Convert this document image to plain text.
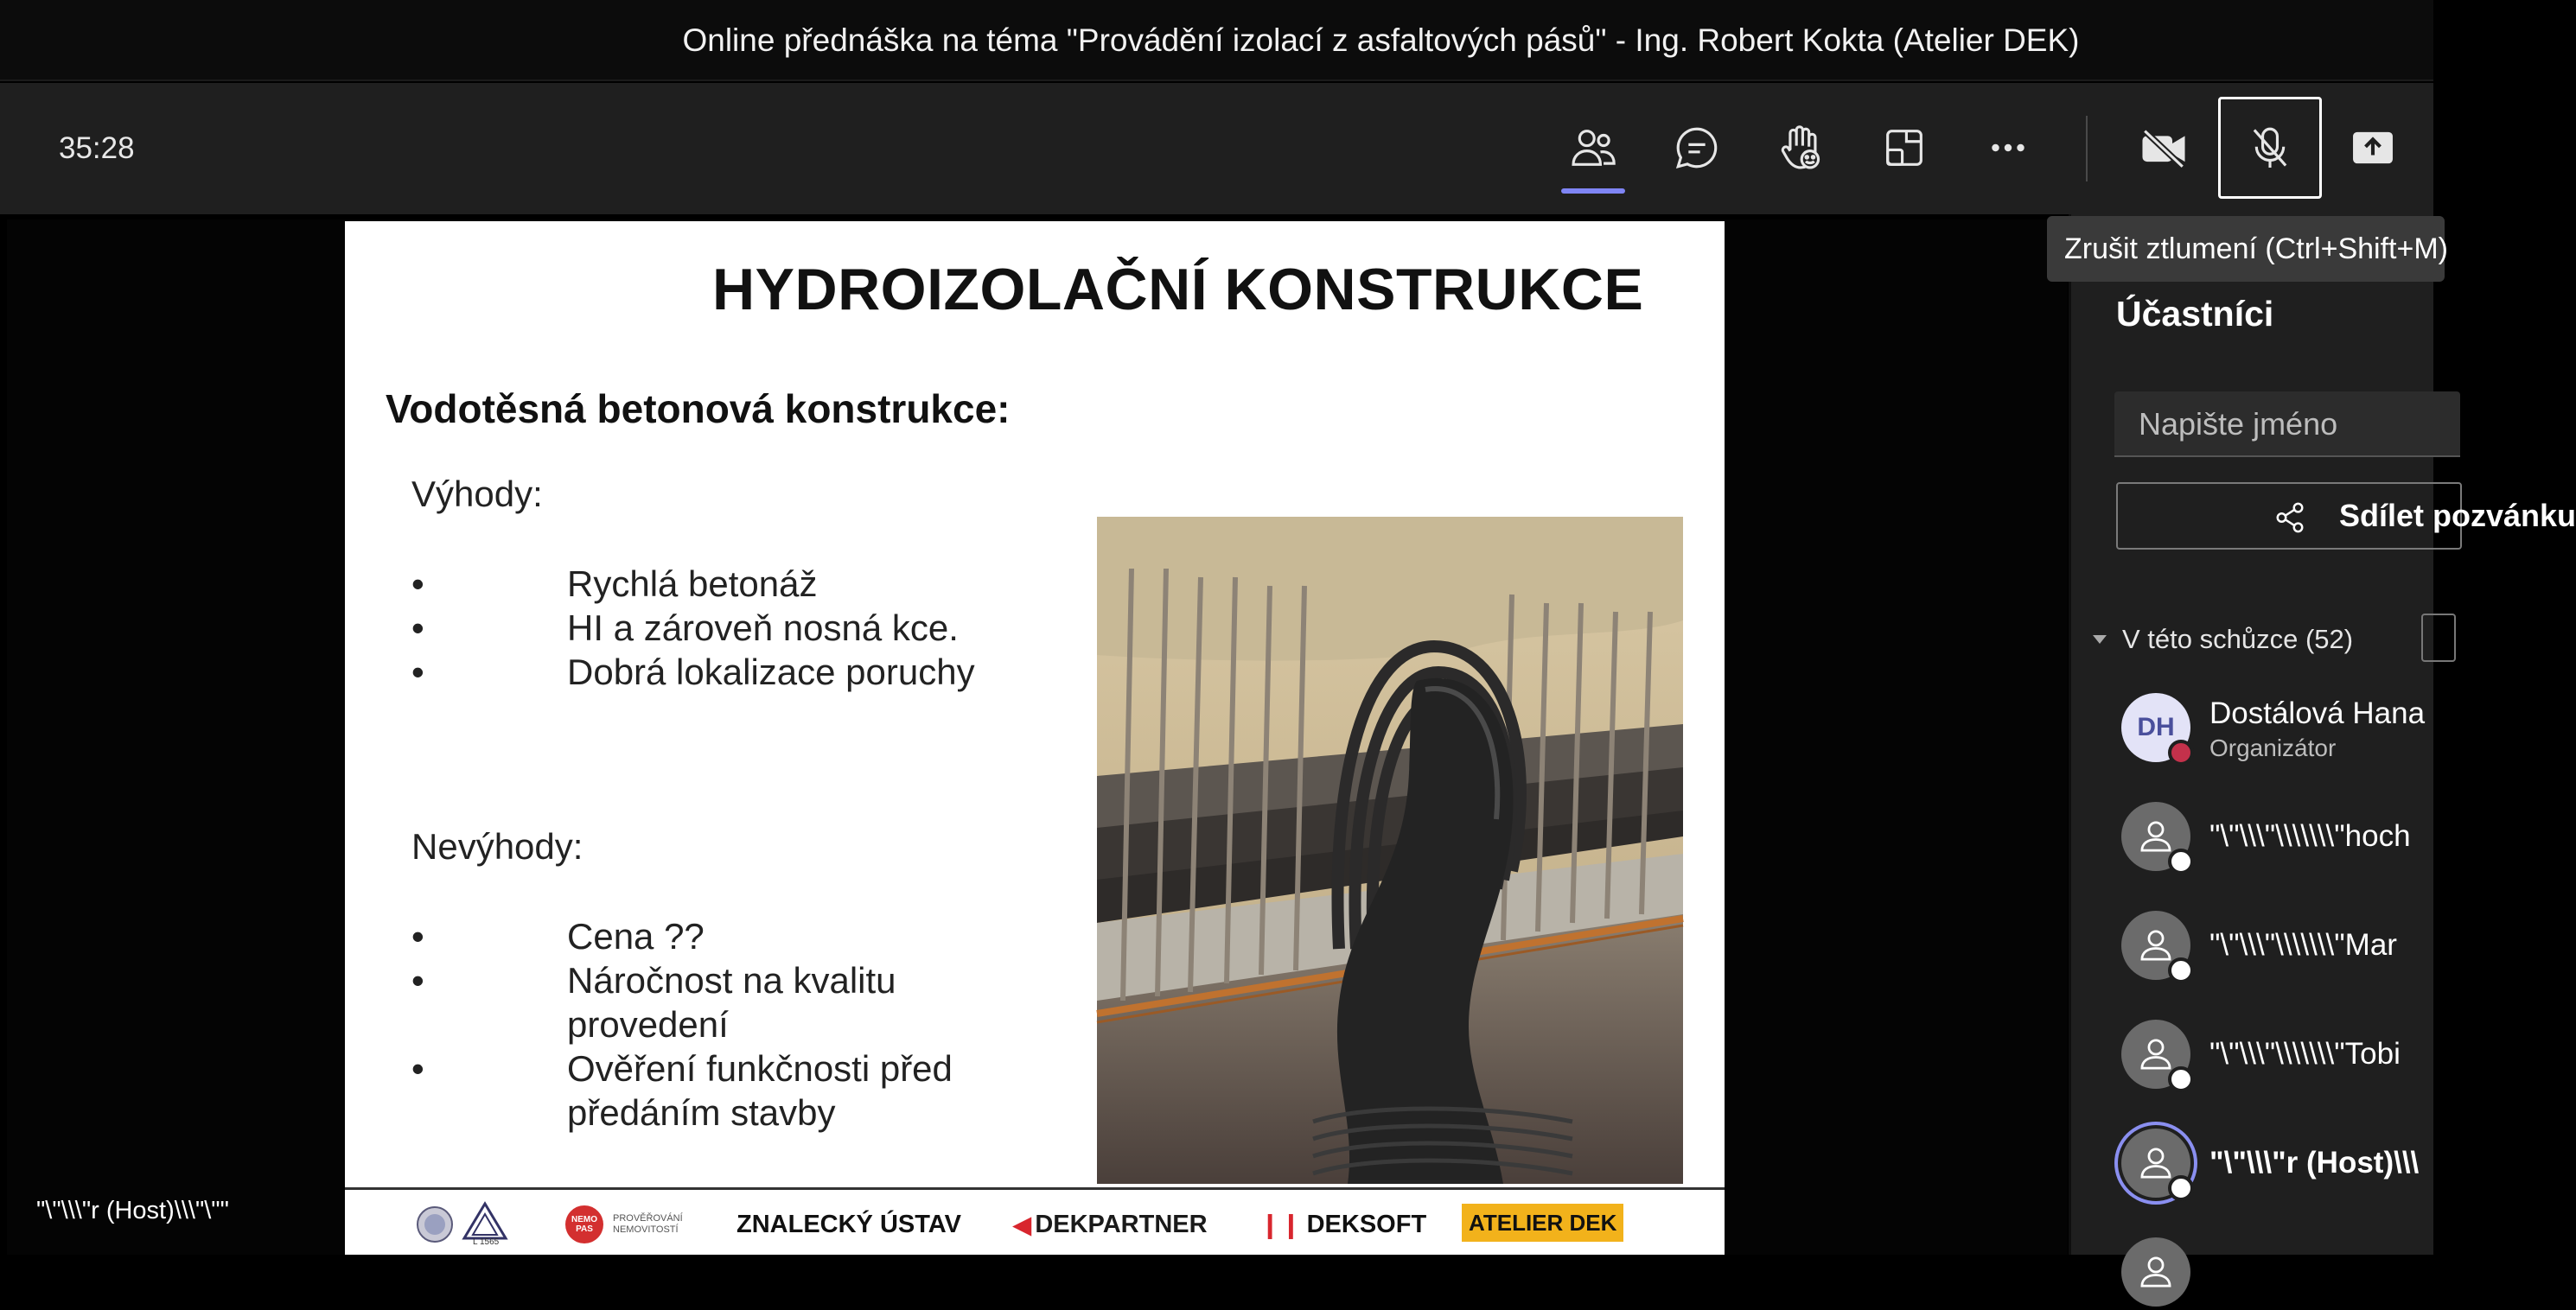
Online přednáška na téma "Provádění izolací z asfaltových pásů" - Ing. Robert Kokta (Atelier DEK)
35:28
HYDROIZOLAČNÍ KONSTRUKCE
Vodotěsná betonová konstrukce:
Výhody:
• Rychlá betonáž
• HI a zároveň nosná kce.
• Dobrá lokalizace poruchy
Nevýhody:
• Cena ??
• Náročnost na kvalitu provedení
• Ověření funkčnosti před předáním stavby
L 1565
NEMO PAS
PROVĚŘOVÁNÍ NEMOVITOSTÍ	ZNALECKÝ ÚSTAV ◀ DEKPARTNER ❙❙ DEKSOFT ATELIER DEK
"\"\\\"r (Host)\\\"\""
Účastníci
Napište jméno
Sdílet pozvánku
V této schůzce (52)
DH Dostálová Hana
Organizátor
"\"\\\"\\\\\\\"hoch
"\"\\\"\\\\\\\"Mar
"\"\\\"\\\\\\\"Tobi
"\"\\\"r (Host)\\\
Zrušit ztlumení (Ctrl+Shift+M)
